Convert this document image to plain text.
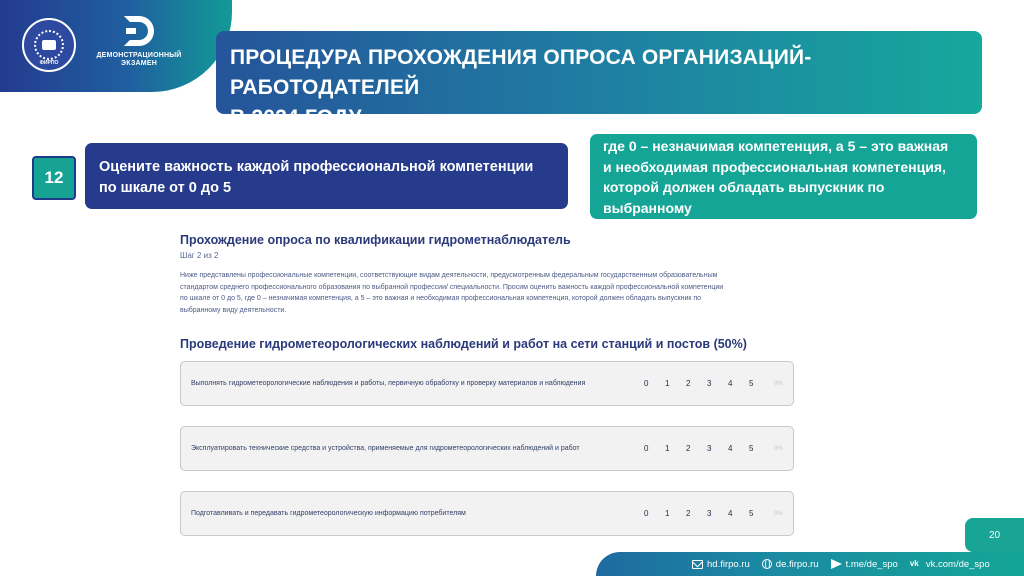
ФИРПО
ДЕМОНСТРАЦИОННЫЙ ЭКЗАМЕН	ПРОЦЕДУРА ПРОХОЖДЕНИЯ ОПРОСА ОРГАНИЗАЦИЙ-РАБОТОДАТЕЛЕЙ
В 2024 ГОДУ
12
Оцените важность каждой профессиональной компетенции
по шкале от 0 до 5
где 0 – незначимая компетенция, а 5 – это важная
и необходимая профессиональная компетенция,
которой должен обладать выпускник по выбранному
виду деятельности
Прохождение опроса по квалификации гидрометнаблюдатель
Шаг 2 из 2
Ниже представлены профессиональные компетенции, соответствующие видам деятельности, предусмотренным федеральным государственным образовательным
стандартом среднего профессионального образования по выбранной профессии/ специальности. Просим оценить важность каждой профессиональной компетенции
по шкале от 0 до 5, где 0 – незначимая компетенция, а 5 – это важная и необходимая профессиональная компетенция, которой должен обладать выпускник по
выбранному виду деятельности.
Проведение гидрометеорологических наблюдений и работ на сети станций и постов (50%)
Выполнять гидрометеорологические наблюдения и работы, первичную обработку и проверку материалов и наблюдения	0	1	2	3	4	5	0%
Эксплуатировать технические средства и устройства, применяемые для гидрометеорологических наблюдений и работ	0	1	2	3	4	5	0%
Подготавливать и передавать гидрометеорологическую информацию потребителям	0	1	2	3	4	5	0%
20
hd.firpo.ru	de.firpo.ru	t.me/de_spo vk vk.com/de_spo
